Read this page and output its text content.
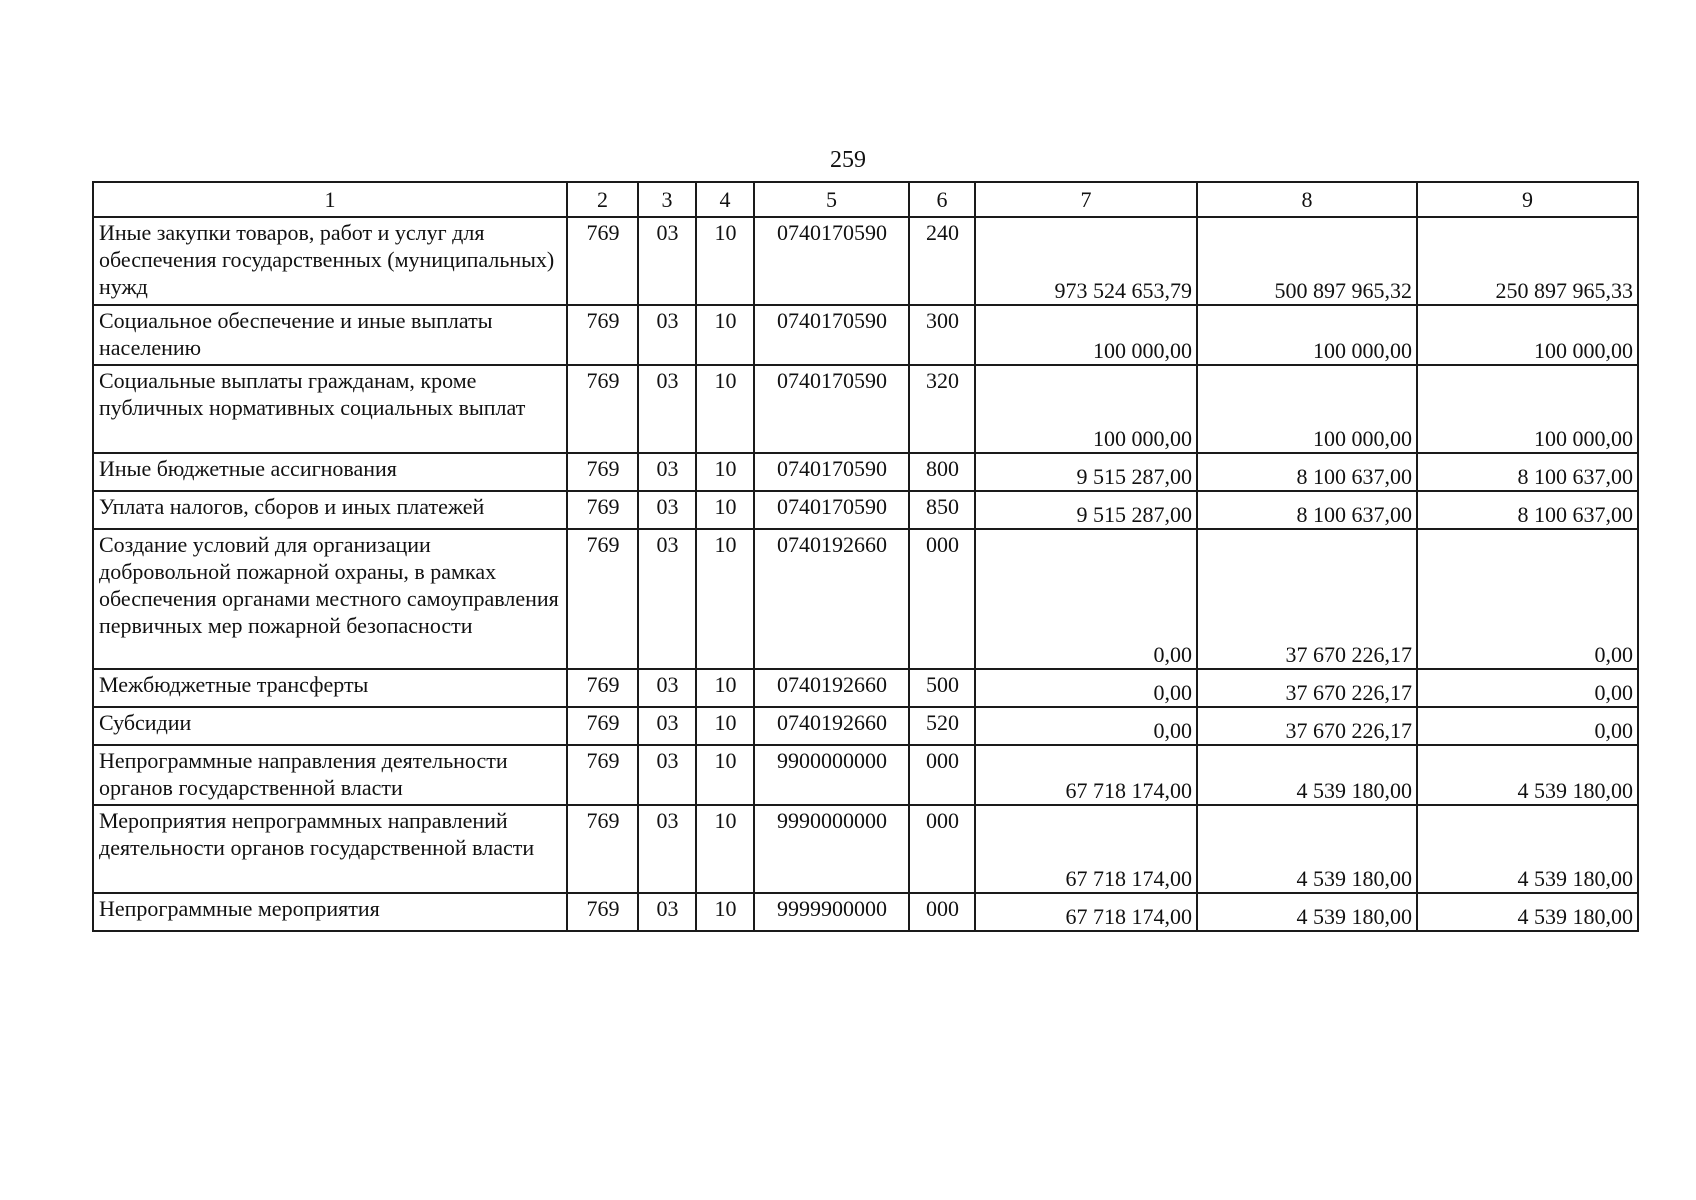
259
1	2	3	4	5	6	7	8	9
Иные закупки товаров, работ и услуг для обеспечения государственных (муниципальных) нужд	769	03	10	0740170590	240	973 524 653,79	500 897 965,32	250 897 965,33
Социальное обеспечение и иные выплаты населению	769	03	10	0740170590	300	100 000,00	100 000,00	100 000,00
Социальные выплаты гражданам, кроме публичных нормативных социальных выплат	769	03	10	0740170590	320	100 000,00	100 000,00	100 000,00
Иные бюджетные ассигнования	769	03	10	0740170590	800	9 515 287,00	8 100 637,00	8 100 637,00
Уплата налогов, сборов и иных платежей	769	03	10	0740170590	850	9 515 287,00	8 100 637,00	8 100 637,00
Создание условий для организации добровольной пожарной охраны, в рамках обеспечения органами местного самоуправления первичных мер пожарной безопасности	769	03	10	0740192660	000	0,00	37 670 226,17	0,00
Межбюджетные трансферты	769	03	10	0740192660	500	0,00	37 670 226,17	0,00
Субсидии	769	03	10	0740192660	520	0,00	37 670 226,17	0,00
Непрограммные направления деятельности органов государственной власти	769	03	10	9900000000	000	67 718 174,00	4 539 180,00	4 539 180,00
Мероприятия непрограммных направлений деятельности органов государственной власти	769	03	10	9990000000	000	67 718 174,00	4 539 180,00	4 539 180,00
Непрограммные мероприятия	769	03	10	9999900000	000	67 718 174,00	4 539 180,00	4 539 180,00
